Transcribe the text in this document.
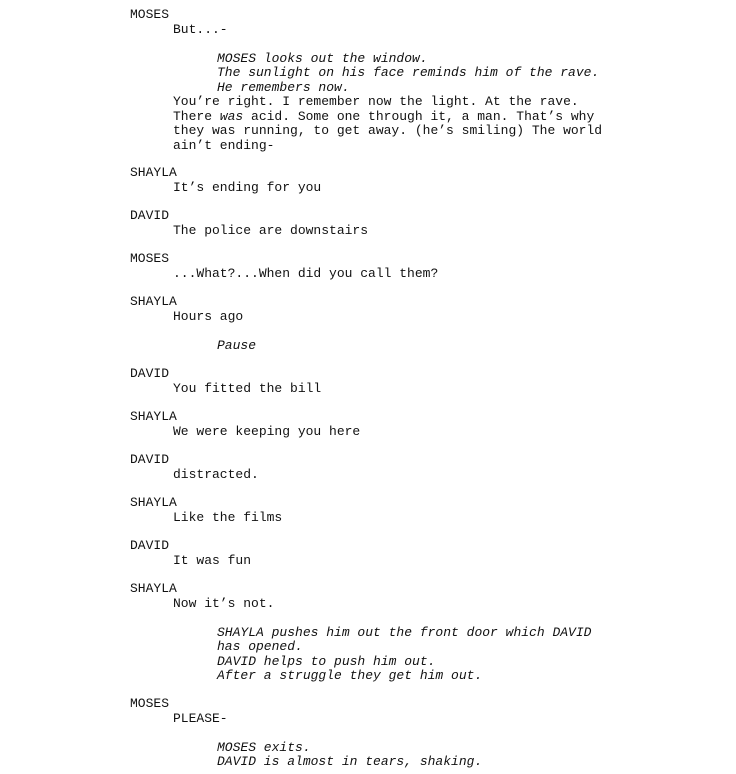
MOSES
But...-
MOSES looks out the window.
The sunlight on his face reminds him of the rave.
He remembers now.
You’re right. I remember now the light. At the rave.
There was acid. Some one through it, a man. That’s why
they was running, to get away. (he’s smiling) The world
ain’t ending-
SHAYLA
It’s ending for you
DAVID
The police are downstairs
MOSES
...What?...When did you call them?
SHAYLA
Hours ago
Pause
DAVID
You fitted the bill
SHAYLA
We were keeping you here
DAVID
distracted.
SHAYLA
Like the films
DAVID
It was fun
SHAYLA
Now it’s not.
SHAYLA pushes him out the front door which DAVID
has opened.
DAVID helps to push him out.
After a struggle they get him out.
MOSES
PLEASE-
MOSES exits.
DAVID is almost in tears, shaking.
